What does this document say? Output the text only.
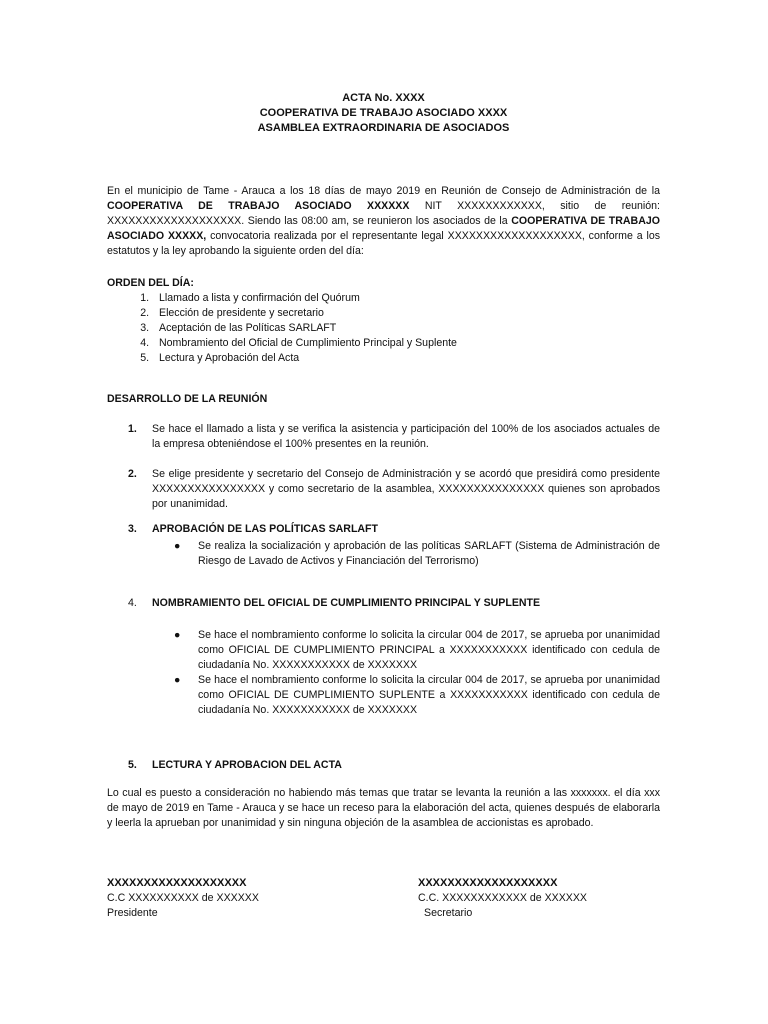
ACTA No. XXXX
COOPERATIVA DE TRABAJO ASOCIADO XXXX
ASAMBLEA EXTRAORDINARIA DE ASOCIADOS

En el municipio de Tame - Arauca a los 18 días de mayo 2019 en Reunión de Consejo de Administración de la COOPERATIVA DE TRABAJO ASOCIADO XXXXXX NIT XXXXXXXXXXXX, sitio de reunión: XXXXXXXXXXXXXXXXXXX. Siendo las 08:00 am, se reunieron los asociados de la COOPERATIVA DE TRABAJO ASOCIADO XXXXX, convocatoria realizada por el representante legal XXXXXXXXXXXXXXXXXXX, conforme a los estatutos y la ley aprobando la siguiente orden del día:

ORDEN DEL DÍA:
1. Llamado a lista y confirmación del Quórum
2. Elección de presidente y secretario
3. Aceptación de las Políticas SARLAFT
4. Nombramiento del Oficial de Cumplimiento Principal y Suplente
5. Lectura y Aprobación del Acta
DESARROLLO DE LA REUNIÓN
1.	Se hace el llamado a lista y se verifica la asistencia y participación del 100% de los asociados actuales de la empresa obteniéndose el 100% presentes en la reunión.
2.	Se elige presidente y secretario del Consejo de Administración y se acordó que presidirá como presidente XXXXXXXXXXXXXXXX y como secretario de la asamblea, XXXXXXXXXXXXXXX quienes son aprobados por unanimidad.
3.	APROBACIÓN DE LAS POLÍTICAS SARLAFT
●	Se realiza la socialización y aprobación de las políticas SARLAFT (Sistema de Administración de Riesgo de Lavado de Activos y Financiación del Terrorismo)
4.	NOMBRAMIENTO DEL OFICIAL DE CUMPLIMIENTO PRINCIPAL Y SUPLENTE
●	Se hace el nombramiento conforme lo solicita la circular 004 de 2017, se aprueba por unanimidad como OFICIAL DE CUMPLIMIENTO PRINCIPAL a XXXXXXXXXXX identificado con cedula de ciudadanía No. XXXXXXXXXXX de XXXXXXX
●	Se hace el nombramiento conforme lo solicita la circular 004 de 2017, se aprueba por unanimidad como OFICIAL DE CUMPLIMIENTO SUPLENTE a XXXXXXXXXXX identificado con cedula de ciudadanía No. XXXXXXXXXXX de XXXXXXX
5.	LECTURA Y APROBACION DEL ACTA

Lo cual es puesto a consideración no habiendo más temas que tratar se levanta la reunión a las xxxxxxx. el día xxx de mayo de 2019 en Tame - Arauca y se hace un receso para la elaboración del acta, quienes después de elaborarla y leerla la aprueban por unanimidad y sin ninguna objeción de la asamblea de accionistas es aprobado.

XXXXXXXXXXXXXXXXXXX
C.C XXXXXXXXXX de XXXXXX
Presidente
XXXXXXXXXXXXXXXXXXX
C.C. XXXXXXXXXXXX de XXXXXX
Secretario
